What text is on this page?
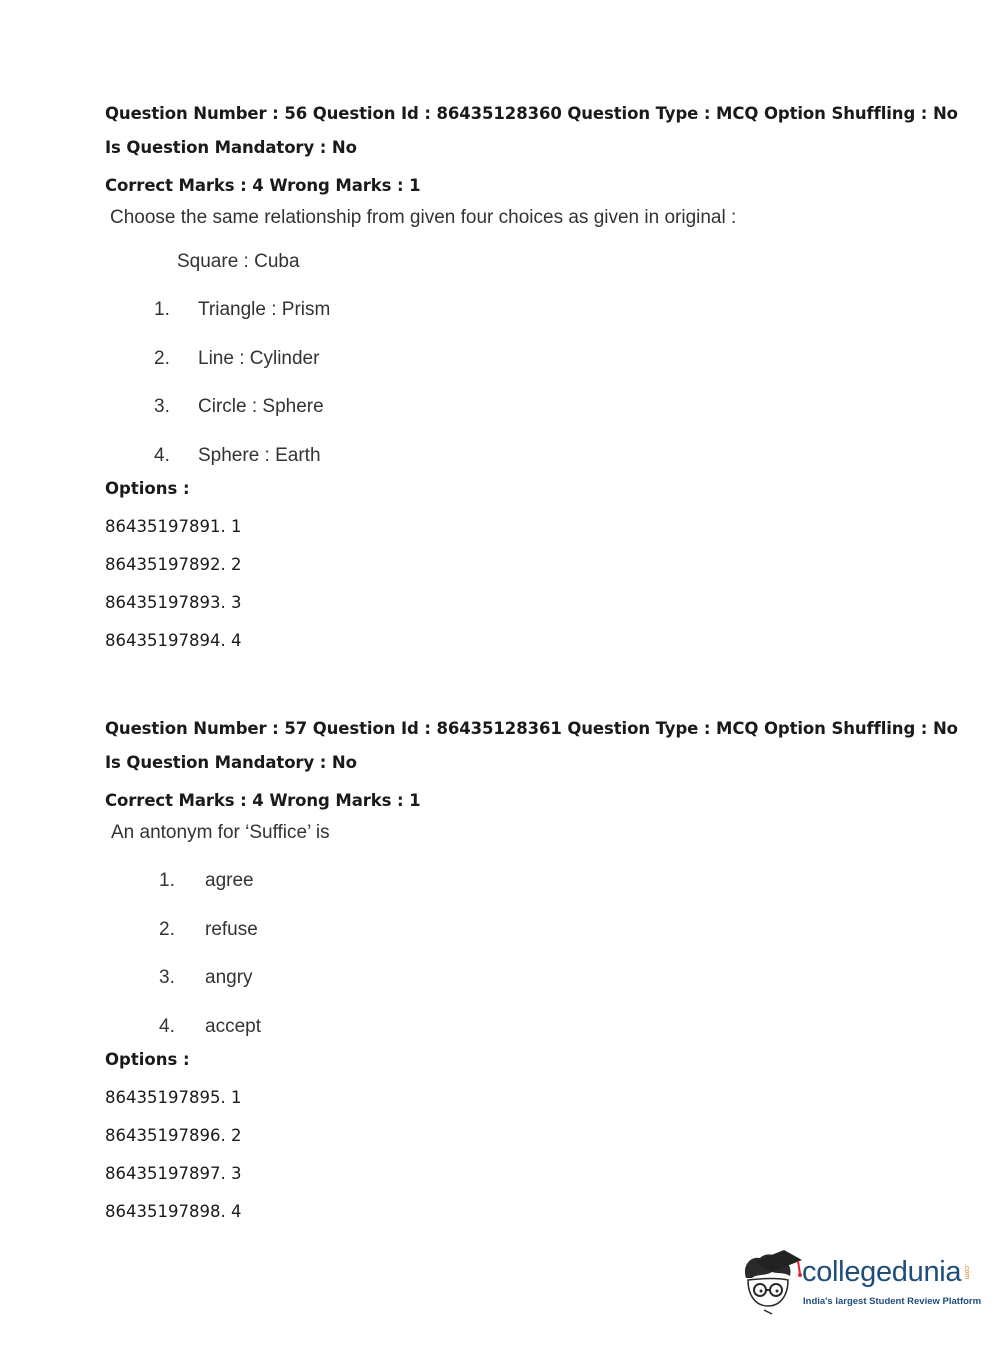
Question Number : 56 Question Id : 86435128360 Question Type : MCQ Option Shuffling : No
Is Question Mandatory : No
Correct Marks : 4 Wrong Marks : 1
Choose the same relationship from given four choices as given in original :
Square : Cuba
1. Triangle : Prism
2. Line : Cylinder
3. Circle : Sphere
4. Sphere : Earth
Options :
86435197891. 1
86435197892. 2
86435197893. 3
86435197894. 4
Question Number : 57 Question Id : 86435128361 Question Type : MCQ Option Shuffling : No
Is Question Mandatory : No
Correct Marks : 4 Wrong Marks : 1
An antonym for ‘Suffice’ is
1. agree
2. refuse
3. angry
4. accept
Options :
86435197895. 1
86435197896. 2
86435197897. 3
86435197898. 4
collegedunia .com
India's largest Student Review Platform
